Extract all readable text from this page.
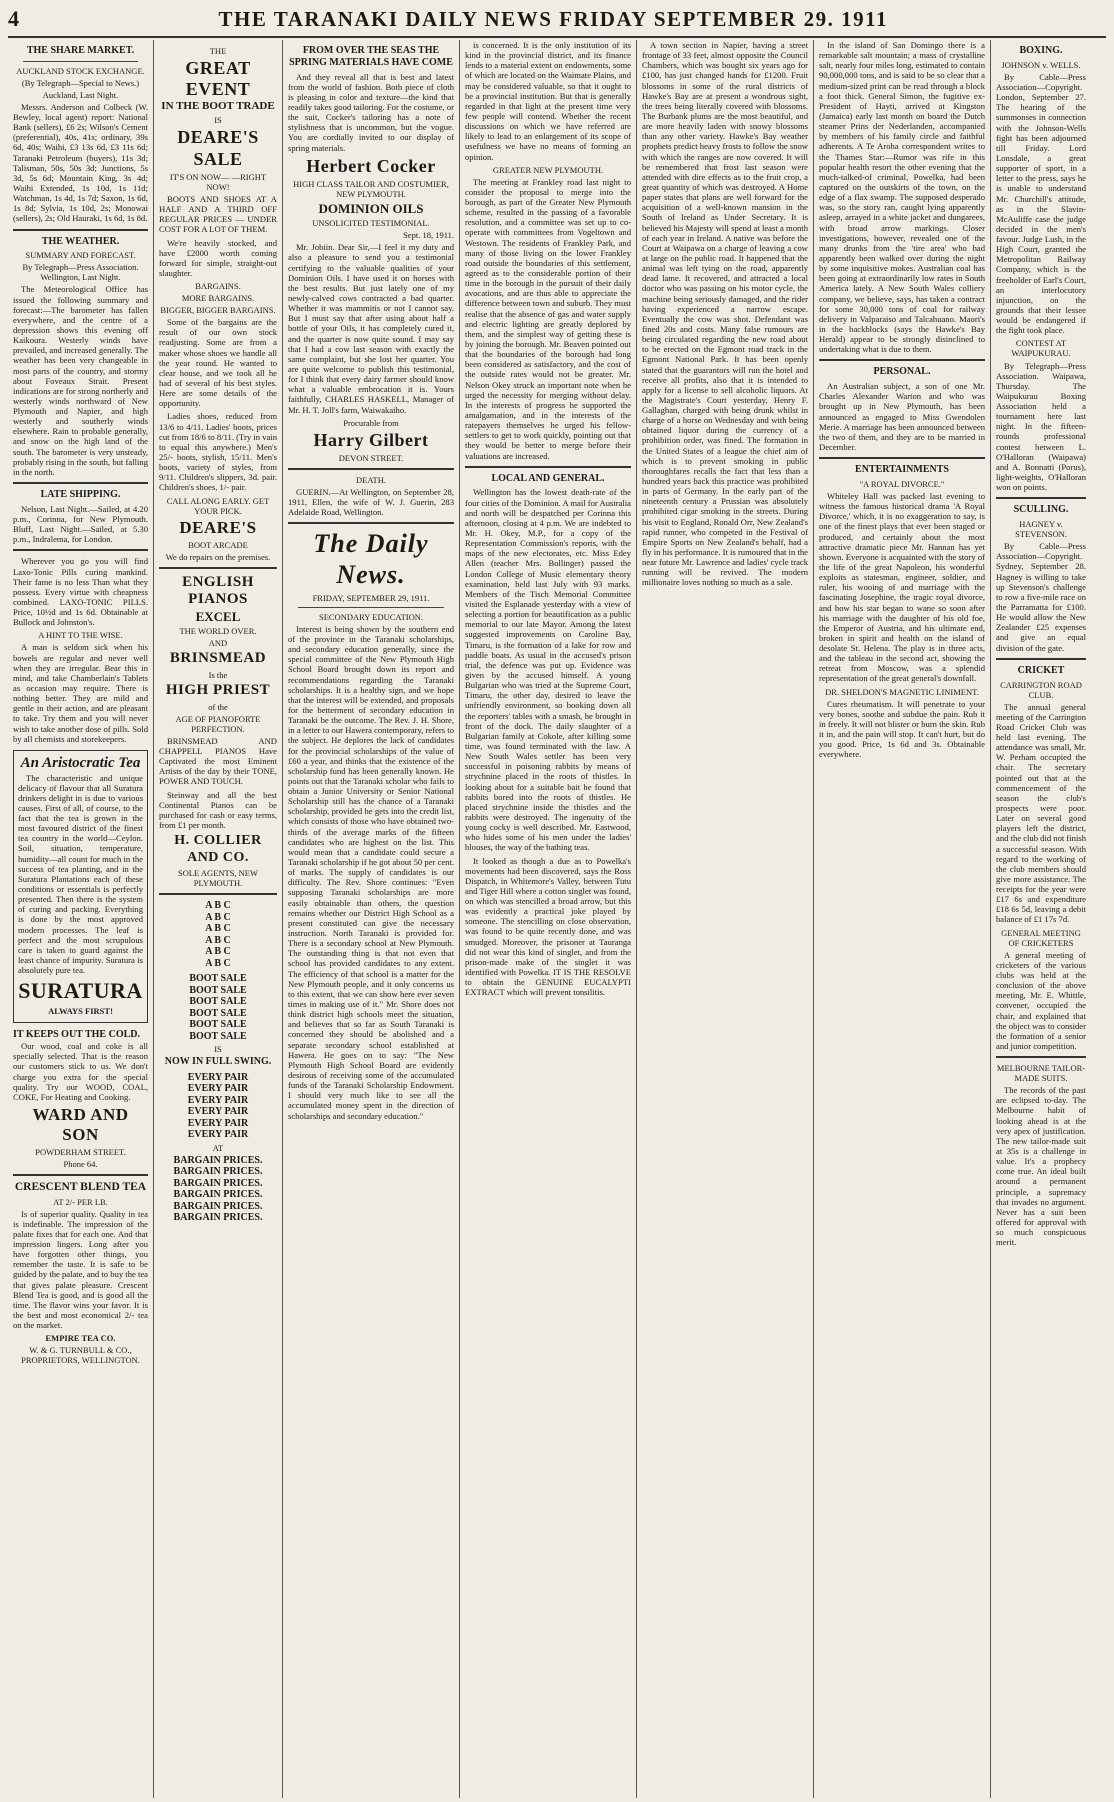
4	THE TARANAKI DAILY NEWS FRIDAY SEPTEMBER 29. 1911
THE SHARE MARKET.
AUCKLAND STOCK EXCHANGE.
(By Telegraph—Special to News.)
Auckland, Last Night.

Messrs. Anderson and Colbeck (W. Bewley, local agent) report: National Bank (sellers), £6 2s; Wilson's Cement (preferential), 40s, 41s; ordinary, 39s 6d, 40s; Waihi, £3 13s 6d, £3 11s 6d; Taranaki Petroleum (buyers), 11s 3d; Talisman, 50s, 50s 3d; Junctions, 5s 3d, 5s 6d; Mountain King, 3s 4d; Waihi Extended, 1s 10d, 1s 11d; Watchman, 1s 4d, 1s 7d; Saxon, 1s 6d, 1s 8d; Sylvia, 1s 10d, 2s; Monowai (sellers), 2s; Old Hauraki, 1s 6d, 1s 8d.

THE WEATHER.
SUMMARY AND FORECAST.
By Telegraph—Press Association. Wellington, Last Night.

The Meteorological Office has issued the following summary and forecast:—The barometer has fallen everywhere, and the centre of a depression shows this evening off Kaikoura. Westerly winds have prevailed, and increased generally. The weather has been very changeable in most parts of the country, and stormy about Foveaux Strait. Present indications are for strong northerly and westerly winds northward of New Plymouth and Napier, and high westerly and southerly winds elsewhere. Rain to probable generally, and snow on the high land of the south. The barometer is very unsteady, probably rising in the south, but falling in the north.

LATE SHIPPING.

Nelson, Last Night.—Sailed, at 4.20 p.m., Corinna, for New Plymouth. Bluff, Last Night.—Sailed, at 5.30 p.m., Indralema, for London.

Wherever you go you will find Laxo-Tonic Pills curing mankind. Their fame is no less Than what they possess. Every virtue with cheapness combined. LAXO-TONIC PILLS. Price, 10½d and 1s 6d. Obtainable at Bullock and Johnston's.

A HINT TO THE WISE.

A man is seldom sick when his bowels are regular and never well when they are irregular. Bear this in mind, and take Chamberlain's Tablets as occasion may require. There is nothing better. They are mild and gentle in their action, and are pleasant to take. Try them and you will never wish to take another dose of pills. Sold by all chemists and storekeepers.

An Aristocratic Tea

The characteristic and unique delicacy of flavour that all Suratura drinkers delight in is due to various causes. First of all, of course, to the fact that the tea is grown in the most favoured district of the finest tea country in the world—Ceylon. Soil, situation, temperature, humidity—all count for much in the success of tea planting, and in the Suratura Plantations each of these conditions or essentials is perfectly presented. Then there is the system of curing and packing. Everything is done by the most approved modern processes. The leaf is perfect and the most scrupulous care is taken to guard against the least chance of impurity. Suratura is absolutely pure tea.

SURATURA
ALWAYS FIRST!
IT KEEPS OUT THE COLD.

Our wood, coal and coke is all specially selected. That is the reason our customers stick to us. We don't charge you extra for the special quality. Try our WOOD, COAL, COKE, For Heating and Cooking.

WARD AND SON
POWDERHAM STREET.
Phone 64.
CRESCENT BLEND TEA
AT 2/- PER LB.

Is of superior quality. Quality in tea is indefinable. The impression of the palate fixes that for each one. And that impression lingers. Long after you have forgotten other things, you remember the taste. It is safe to be guided by the palate, and to buy the tea that gives palate pleasure. Crescent Blend Tea is good, and is good all the time. The flavor wins your favor. It is the best and most economical 2/- tea on the market.

EMPIRE TEA CO.
W. & G. TURNBULL & CO., PROPRIETORS, WELLINGTON.
THE
GREAT EVENT
IN THE BOOT TRADE
IS
DEARE'S SALE
IT'S ON NOW— —RIGHT NOW!

BOOTS AND SHOES AT A HALF AND A THIRD OFF REGULAR PRICES — UNDER COST FOR A LOT OF THEM.

We're heavily stocked, and have £2000 worth coming forward for simple, straight-out slaughter.

BARGAINS.
MORE BARGAINS.
BIGGER, BIGGER BARGAINS.

Some of the bargains are the result of our own stock readjusting. Some are from a maker whose shoes we handle all the year round. He wanted to clear house, and we took all he had of several of his best styles. Here are some details of the opportunity.

Ladies shoes, reduced from 13/6 to 4/11. Ladies' boots, prices cut from 18/6 to 8/11. (Try in vain to equal this anywhere.) Men's 25/- boots, stylish, 15/11. Men's boots, variety of styles, from 9/11. Children's slippers, 3d. pair. Children's shoes, 1/- pair.

CALL ALONG EARLY. GET YOUR PICK.
DEARE'S
BOOT ARCADE
We do repairs on the premises.
ENGLISH PIANOS
EXCEL
THE WORLD OVER.
AND
BRINSMEAD
Is the
HIGH PRIEST
of the
AGE OF PIANOFORTE PERFECTION.

BRINSMEAD AND CHAPPELL PIANOS Have Captivated the most Eminent Artists of the day by their TONE, POWER AND TOUCH.

Steinway and all the best Continental Pianos can be purchased for cash or easy terms, from £1 per month.

H. COLLIER AND CO.
SOLE AGENTS, NEW PLYMOUTH.
A B C
A B C
A B C
A B C
A B C
A B C
BOOT SALE
BOOT SALE
BOOT SALE
BOOT SALE
BOOT SALE
BOOT SALE
IS
NOW IN FULL SWING.
EVERY PAIR
EVERY PAIR
EVERY PAIR
EVERY PAIR
EVERY PAIR
EVERY PAIR
AT
BARGAIN PRICES.
BARGAIN PRICES.
BARGAIN PRICES.
BARGAIN PRICES.
BARGAIN PRICES.
BARGAIN PRICES.
FROM OVER THE SEAS THE SPRING MATERIALS HAVE COME

And they reveal all that is best and latest from the world of fashion. Both piece of cloth is pleasing in color and texture—the kind that readily takes good tailoring. For the costume, or the suit, Cocker's tailoring has a note of stylishness that is uncommon, but the vogue. You are cordially invited to our display of spring materials.

Herbert Cocker
HIGH CLASS TAILOR AND COSTUMIER, NEW PLYMOUTH.
DOMINION OILS
UNSOLICITED TESTIMONIAL.
Sept. 18, 1911.

Mr. Jobiin. Dear Sir,—I feel it my duty and also a pleasure to send you a testimonial certifying to the valuable qualities of your Dominion Oils. I have used it on horses with the best results. But just lately one of my newly-calved cows contracted a bad quarter. Whether it was mammitis or not I cannot say. But I must say that after using about half a bottle of your Oils, it has completely cured it, and the quarter is now quite sound. I may say that I had a cow last season with exactly the same complaint, but she lost her quarter. You are quite welcome to publish this testimonial, for I think that every dairy farmer should know what a valuable embrocation it is. Yours faithfully, CHARLES HASKELL, Manager of Mr. H. T. Joll's farm, Waiwakaiho.

Procurable from
Harry Gilbert
DEVON STREET.
DEATH.

GUERIN.—At Wellington, on September 28, 1911, Ellen, the wife of W. J. Guerin, 283 Adelaide Road, Wellington.

The Daily News.
FRIDAY, SEPTEMBER 29, 1911.
SECONDARY EDUCATION.

Interest is being shown by the southern end of the province in the Taranaki scholarships, and secondary education generally, since the special committee of the New Plymouth High School Board brought down its report and recommendations regarding the Taranaki scholarships. It is a healthy sign, and we hope that the interest will be extended, and proposals for the betterment of secondary education in Taranaki be the outcome. The Rev. J. H. Shore, in a letter to our Hawera contemporary, refers to the subject. He deplores the lack of candidates for the provincial scholarships of the value of £60 a year, and thinks that the existence of the scholarship fund has been generally known. He points out that the Taranaki scholar who fails to obtain a Junior University or Senior National Scholarship still has the chance of a Taranaki scholarship, provided he gets into the credit list, which consists of those who have obtained two-thirds of the average marks of the fifteen candidates who are highest on the list. This would mean that a candidate could secure a Taranaki scholarship if he got about 50 per cent. of marks. The supply of candidates is our difficulty. The Rev. Shore continues: "Even supposing Taranaki scholarships are more easily obtainable than others, the question remains whether our District High School as a present constituted can give the necessary instruction. North Taranaki is provided for. There is a secondary school at New Plymouth. The outstanding thing is that not even that school has provided candidates to any extent. The efficiency of that school is a matter for the New Plymouth people, and it only concerns us to this extent, that we can show here ever seven times in making use of it." Mr. Shore does not think district high schools meet the situation, and believes that so far as South Taranaki is concerned they should be abolished and a separate secondary school established at Hawera. He goes on to say: "The New Plymouth High School Board are evidently desirous of receiving some of the accumulated funds of the Taranaki Scholarship Endowment. I should very much like to see all the accumulated money spent in the direction of scholarships and secondary education."

is concerned. It is the only institution of its kind in the provincial district, and its finance lends to a material extent on endowments, some of which are located on the Waimate Plains, and may be considered valuable, so that it ought to be a provincial institution. But that is generally regarded in that light at the present time very few people will contend. Whether the recent discussions on which we have referred are likely to lead to an enlargement of its scope of usefulness we have no means of forming an opinion.

GREATER NEW PLYMOUTH.

The meeting at Frankley road last night to consider the proposal to merge into the borough, as part of the Greater New Plymouth scheme, resulted in the passing of a favorable resolution, and a committee was set up to co-operate with committees from Vogeltown and Westown. The residents of Frankley Park, and many of those living on the lower Frankley road outside the boundaries of this settlement, agreed as to the considerable portion of their time in the borough in the pursuit of their daily avocations, and are thus able to appreciate the difference between town and suburb. They must realise that the absence of gas and water supply and electric lighting are greatly deplored by them, and the simplest way of getting these is by joining the borough. Mr. Beaven pointed out that the boundaries of the borough had long been considered as satisfactory, and the cost of the outside rates would not be greater. Mr. Nelson Okey struck an important note when he urged the necessity for merging without delay. In the interests of progress he supported the amalgamation, and in the interests of the ratepayers themselves he urged his fellow-settlers to get to work quickly, pointing out that they would be better to merge before their valuations are increased.

LOCAL AND GENERAL.

Wellington has the lowest death-rate of the four cities of the Dominion. A mail for Australia and north will be despatched per Corinna this afternoon, closing at 4 p.m. We are indebted to Mr. H. Okey, M.P., for a copy of the Representation Commission's reports, with the maps of the new electorates, etc. Miss Edey Allen (teacher Mrs. Bollinger) passed the London College of Music elementary theory examination, held last July with 93 marks. Members of the Tisch Memorial Committee visited the Esplanade yesterday with a view of selecting a portion for beautification as a public memorial to our late Mayor. Among the latest suggested improvements on Caroline Bay, Timaru, is the formation of a lake for row and paddle boats. As usual in the accused's prison trial, the defence was put up. Evidence was given by the accused himself. A young Bulgarian who was tried at the Supreme Court, Timaru, the other day, desired to leave the unfriendly environment, so booking down all the reporters' tables with a smash, he brought in front of the dock. The daily slaughter of a Bulgarian family at Cokole, after killing some time, was found terminated with the law. A New South Wales settler has been very successful in poisoning rabbits by means of strychnine placed in the roots of thistles. In looking about for a suitable bait he found that rabbits bored into the roots of thistles. He placed strychnine inside the thistles and the rabbits were destroyed. The ingenuity of the young cocky is well described. Mr. Eastwood, who hides some of his men under the ladies' blouses, the way of the bathing teas.

It looked as though a due as to Powelka's movements had been discovered, says the Ross Dispatch, in Whitemore's Valley, between Tutu and Tiger Hill where a cotton singlet was found, on which was stencilled a broad arrow, but this was evidently a practical joke played by someone. The stencilling on close observation, was found to be quite recently done, and was smudged. Moreover, the prisoner at Tauranga did not wear this kind of singlet, and from the prison-made make of the singlet it was identified with Powelka. IT IS THE RESOLVE to obtain the GENUINE EUCALYPTI EXTRACT which will prevent tonsilitis.

A town section in Napier, having a street frontage of 33 feet, almost opposite the Council Chambers, which was bought six years ago for £100, has just changed hands for £1200. Fruit blossoms in some of the rural districts of Hawke's Bay are at present a wondrous sight, the trees being literally covered with blossoms. The Burbank plums are the most beautiful, and are more heavily laden with snowy blossoms than any other variety. Hawke's Bay weather prophets predict heavy frosts to follow the snow with which the ranges are now covered. It will be remembered that frost last season were attended with dire effects as to the fruit crop, a great quantity of which was destroyed. A Home paper states that plans are well forward for the acquisition of a well-known mansion in the South of Ireland as Under Secretary. It is believed his Majesty will spend at least a month of each year in Ireland. A native was before the Court at Waipawa on a charge of leaving a cow at large on the public road. It happened that the animal was left tying on the road, apparently dead lame. It recovered, and attracted a local doctor who was passing on his motor cycle, the machine being seriously damaged, and the rider having experienced a narrow escape. Eventually the cow was shot. Defendant was fined 20s and costs. Many false rumours are being circulated regarding the new road about to be erected on the Egmont road track in the Egmont National Park. It has been openly stated that the guarantors will run the hotel and receive all profits, also that it is intended to apply for a license to sell alcoholic liquors. At the Magistrate's Court yesterday, Henry F. Gallaghan, charged with being drunk whilst in charge of a horse on Wednesday and with being obtained liquor during the currency of a prohibition order, was fined. The formation in the United States of a league the chief aim of which is to prevent smoking in public thoroughfares recalls the fact that less than a hundred years back this practice was prohibited in parts of Germany. In the early part of the nineteenth century a Prussian was absolutely prohibited cigar smoking in the streets. During his visit to England, Ronald Orr, New Zealand's rapid runner, who competed in the Festival of Empire Sports on New Zealand's behalf, had a fly in his performance. It is rumoured that in the near future Mr. Lawrence and ladies' cycle track running will be revived. The modern millionaire loves nothing so much as a sale.

In the island of San Domingo there is a remarkable salt mountain; a mass of crystalline salt, nearly four miles long, estimated to contain 90,000,000 tons, and is said to be so clear that a medium-sized print can be read through a block a foot thick. General Simon, the fugitive ex-President of Hayti, arrived at Kingston (Jamaica) early last month on board the Dutch steamer Prins der Nederlanden, accompanied by members of his family circle and faithful adherents. A Te Aroha correspondent writes to the Thames Star:—Rumor was rife in this popular health resort the other evening that the much-talked-of criminal, Powelka, had been captured on the outskirts of the town, on the edge of a flax swamp. The supposed desperado was, so the story ran, caught lying apparently asleep, arrayed in a white jacket and dungarees, with broad arrow markings. Closer investigations, however, revealed one of the many drunks from the 'tire area' who had apparently been walked over during the night by some inquisitive mokes. Australian coal has been going at extraordinarily low rates in South America lately. A New South Wales colliery company, we believe, says, has taken a contract for some 30,000 tons of coal for railway delivery in Valparaiso and Talcahuano. Maori's in the backblocks (says the Hawke's Bay Herald) appear to be strongly disinclined to undertaking what is due to them.

PERSONAL.

An Australian subject, a son of one Mr. Charles Alexander Warton and who was brought up in New Plymouth, has been announced as engaged to Miss Gwendolen Merie. A marriage has been announced between the two of them, and they are to be married in December.

ENTERTAINMENTS
"A ROYAL DIVORCE."

Whiteley Hall was packed last evening to witness the famous historical drama 'A Royal Divorce,' which, it is no exaggeration to say, is one of the finest plays that ever been staged or produced, and certainly about the most attractive dramatic piece Mr. Hannan has yet shown. Everyone is acquainted with the story of the life of the great Napoleon, his wonderful exploits as statesman, engineer, soldier, and ruler, his wooing of and marriage with the fascinating Josephine, the tragic royal divorce, and how his star began to wane so soon after his marriage with the daughter of his old foe, the Emperor of Austria, and his ultimate end, broken in spirit and health on the island of desolate St. Helena. The play is in three acts, and the tableau in the second act, showing the retreat from Moscow, was a splendid representation of the great general's downfall.

DR. SHELDON'S MAGNETIC LINIMENT.

Cures rheumatism. It will penetrate to your very bones, soothe and subdue the pain. Rub it in freely. It will not blister or burn the skin. Rub it in, and the pain will stop. It can't hurt, but do you good. Price, 1s 6d and 3s. Obtainable everywhere.

BOXING.
JOHNSON v. WELLS.

By Cable—Press Association—Copyright. London, September 27. The hearing of the summonses in connection with the Johnson-Wells fight has been adjourned till Friday. Lord Lonsdale, a great supporter of sport, in a letter to the press, says he is unable to understand Mr. Churchill's attitude, as in the Slavin-McAuliffe case the judge decided in the men's favour. Judge Lush, in the High Court, granted the Metropolitan Railway Company, which is the freeholder of Earl's Court, an interlocutory injunction, on the grounds that their lessee would be endangered if the fight took place.

CONTEST AT WAIPUKURAU.

By Telegraph—Press Association. Waipawa, Thursday. The Waipukurau Boxing Association held a tournament here last night. In the fifteen-rounds professional contest between L. O'Halloran (Waipawa) and A. Bonnatti (Porus), light-weights, O'Halloran won on points.

SCULLING.
HAGNEY v. STEVENSON.

By Cable—Press Association—Copyright. Sydney, September 28. Hagney is willing to take up Stevenson's challenge to row a five-mile race on the Parramatta for £100. He would allow the New Zealander £25 expenses and give an equal division of the gate.

CRICKET
CARRINGTON ROAD CLUB.

The annual general meeting of the Carrington Road Cricket Club was held last evening. The attendance was small, Mr. W. Perham occupied the chair. The secretary pointed out that at the commencement of the season the club's prospects were poor. Later on several good players left the district, and the club did not finish a successful season. With regard to the working of the club members should give more assistance. The receipts for the year were £17 6s and expenditure £18 6s 5d, leaving a debit balance of £1 17s 7d.

GENERAL MEETING OF CRICKETERS

A general meeting of cricketers of the various clubs was held at the conclusion of the above meeting, Mr. E. Whittle, convener, occupied the chair, and explained that the object was to consider the formation of a senior and junior competition.

MELBOURNE TAILOR-MADE SUITS.

The records of the past are eclipsed to-day. The Melbourne habit of looking ahead is at the very apex of justification. The new tailor-made suit at 35s is a challenge in value. It's a prophecy come true. An ideal built around a permanent principle, a supremacy that invades no argument. Never has a suit been offered for approval with so much conspicuous merit.
